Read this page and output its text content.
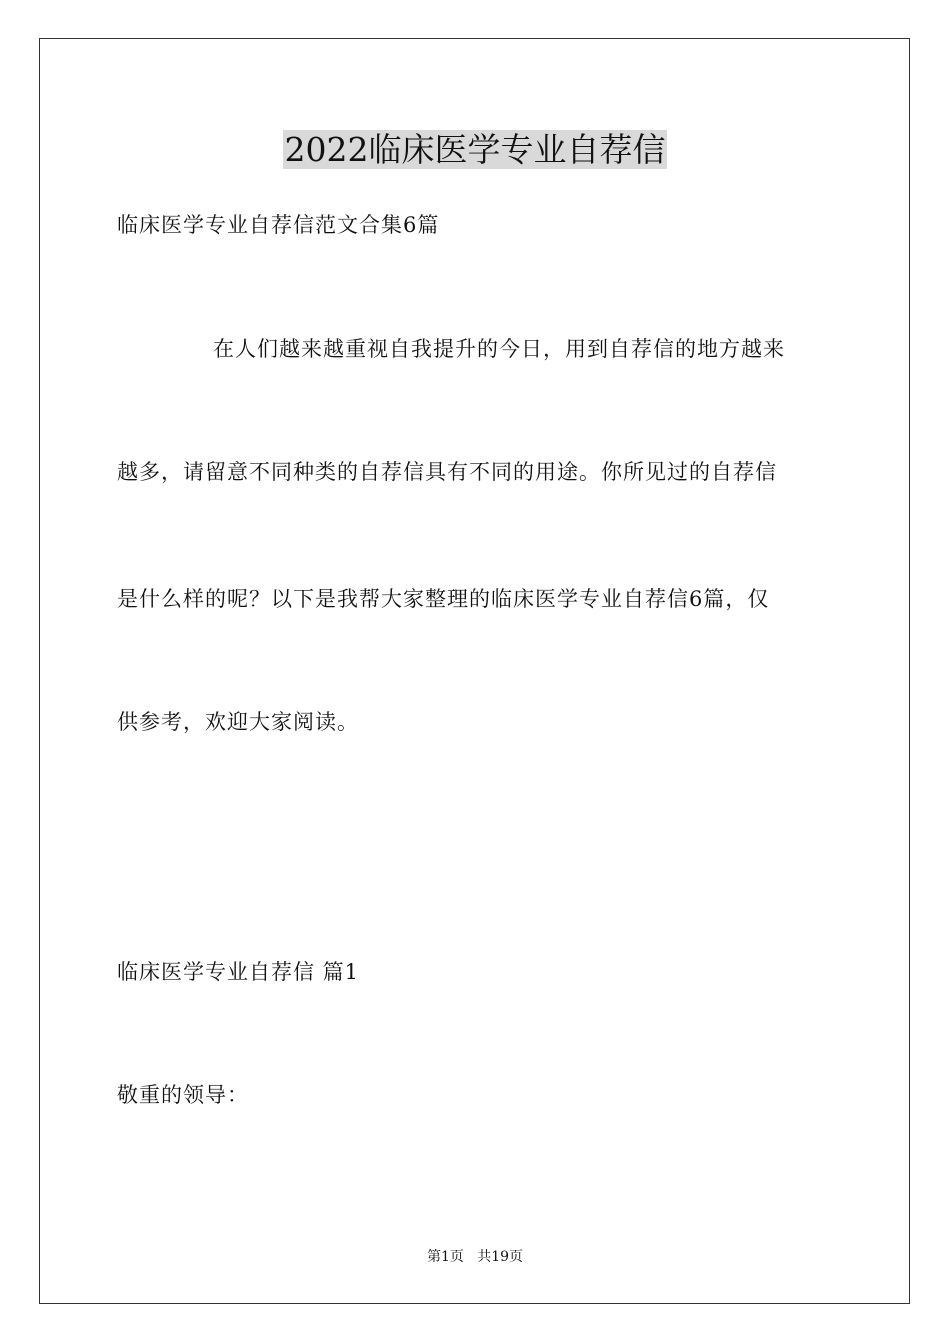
2022临床医学专业自荐信
临床医学专业自荐信范文合集6篇
在人们越来越重视自我提升的今日，用到自荐信的地方越来
越多，请留意不同种类的自荐信具有不同的用途。你所见过的自荐信
是什么样的呢？以下是我帮大家整理的临床医学专业自荐信6篇，仅
供参考，欢迎大家阅读。
临床医学专业自荐信 篇1
敬重的领导：
第1页   共19页
